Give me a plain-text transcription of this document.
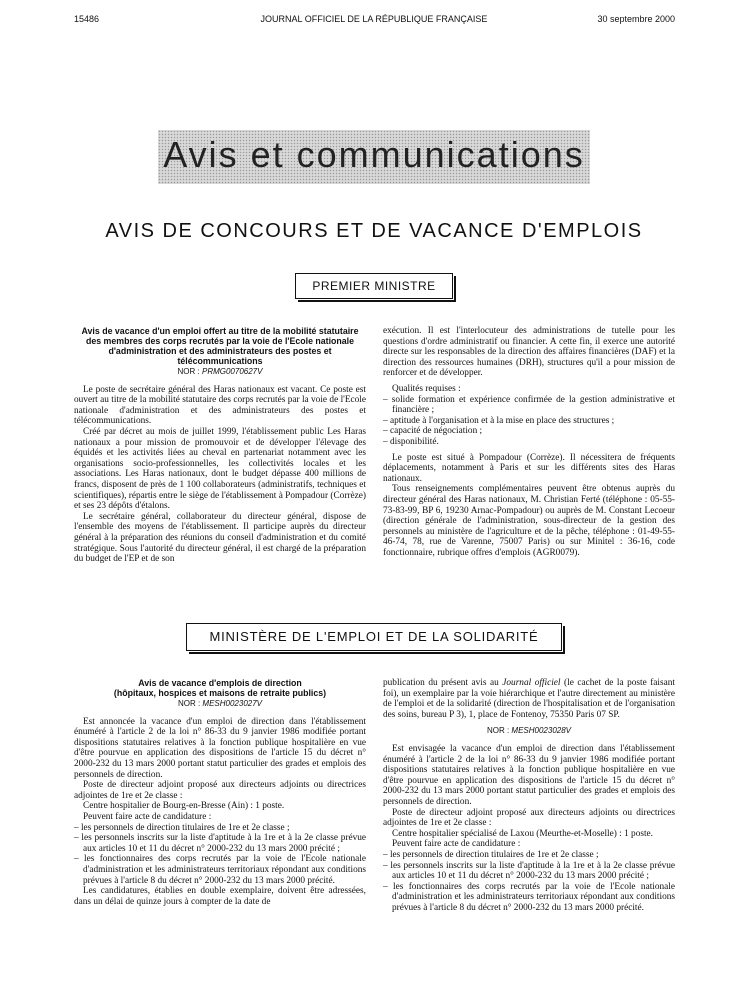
15486	JOURNAL OFFICIEL DE LA RÉPUBLIQUE FRANÇAISE	30 septembre 2000
Avis et communications
AVIS DE CONCOURS ET DE VACANCE D'EMPLOIS
PREMIER MINISTRE

Avis de vacance d'un emploi offert au titre de la mobilité statutaire des membres des corps recrutés par la voie de l'Ecole nationale d'administration et des administrateurs des postes et télécommunications

NOR : PRMG0070627V

Le poste de secrétaire général des Haras nationaux est vacant. Ce poste est ouvert au titre de la mobilité statutaire des corps recrutés par la voie de l'Ecole nationale d'administration et des administrateurs des postes et télécommunications.

Créé par décret au mois de juillet 1999, l'établissement public Les Haras nationaux a pour mission de promouvoir et de développer l'élevage des équidés et les activités liées au cheval en partenariat notamment avec les organisations socio-professionnelles, les collectivités locales et les associations. Les Haras nationaux, dont le budget dépasse 400 millions de francs, disposent de près de 1 100 collaborateurs (administratifs, techniques et scientifiques), répartis entre le siège de l'établissement à Pompadour (Corrèze) et ses 23 dépôts d'étalons.

Le secrétaire général, collaborateur du directeur général, dispose de l'ensemble des moyens de l'établissement. Il participe auprès du directeur général à la préparation des réunions du conseil d'administration et du comité stratégique. Sous l'autorité du directeur général, il est chargé de la préparation du budget de l'EP et de son

exécution. Il est l'interlocuteur des administrations de tutelle pour les questions d'ordre administratif ou financier. A cette fin, il exerce une autorité directe sur les responsables de la direction des affaires financières (DAF) et la direction des ressources humaines (DRH), structures qu'il a pour mission de renforcer et de développer.

Qualités requises :

– solide formation et expérience confirmée de la gestion administrative et financière ;

– aptitude à l'organisation et à la mise en place des structures ;

– capacité de négociation ;

– disponibilité.

Le poste est situé à Pompadour (Corrèze). Il nécessitera de fréquents déplacements, notamment à Paris et sur les différents sites des Haras nationaux.

Tous renseignements complémentaires peuvent être obtenus auprès du directeur général des Haras nationaux, M. Christian Ferté (téléphone : 05-55-73-83-99, BP 6, 19230 Arnac-Pompadour) ou auprès de M. Constant Lecoeur (direction générale de l'administration, sous-directeur de la gestion des personnels au ministère de l'agriculture et de la pêche, téléphone : 01-49-55-46-74, 78, rue de Varenne, 75007 Paris) ou sur Minitel : 36-16, code fonctionnaire, rubrique offres d'emplois (AGR0079).

MINISTÈRE DE L'EMPLOI ET DE LA SOLIDARITÉ

Avis de vacance d'emplois de direction

(hôpitaux, hospices et maisons de retraite publics)

NOR : MESH0023027V

Est annoncée la vacance d'un emploi de direction dans l'établissement énuméré à l'article 2 de la loi n° 86-33 du 9 janvier 1986 modifiée portant dispositions statutaires relatives à la fonction publique hospitalière en vue d'être pourvue en application des dispositions de l'article 15 du décret n° 2000-232 du 13 mars 2000 portant statut particulier des grades et emplois des personnels de direction.

Poste de directeur adjoint proposé aux directeurs adjoints ou directrices adjointes de 1re et 2e classe :

Centre hospitalier de Bourg-en-Bresse (Ain) : 1 poste.

Peuvent faire acte de candidature :

– les personnels de direction titulaires de 1re et 2e classe ;

– les personnels inscrits sur la liste d'aptitude à la 1re et à la 2e classe prévue aux articles 10 et 11 du décret n° 2000-232 du 13 mars 2000 précité ;

– les fonctionnaires des corps recrutés par la voie de l'Ecole nationale d'administration et les administrateurs territoriaux répondant aux conditions prévues à l'article 8 du décret n° 2000-232 du 13 mars 2000 précité.

Les candidatures, établies en double exemplaire, doivent être adressées, dans un délai de quinze jours à compter de la date de

publication du présent avis au Journal officiel (le cachet de la poste faisant foi), un exemplaire par la voie hiérarchique et l'autre directement au ministère de l'emploi et de la solidarité (direction de l'hospitalisation et de l'organisation des soins, bureau P 3), 1, place de Fontenoy, 75350 Paris 07 SP.

NOR : MESH0023028V

Est envisagée la vacance d'un emploi de direction dans l'établissement énuméré à l'article 2 de la loi n° 86-33 du 9 janvier 1986 modifiée portant dispositions statutaires relatives à la fonction publique hospitalière en vue d'être pourvue en application des dispositions de l'article 15 du décret n° 2000-232 du 13 mars 2000 portant statut particulier des grades et emplois des personnels de direction.

Poste de directeur adjoint proposé aux directeurs adjoints ou directrices adjointes de 1re et 2e classe :

Centre hospitalier spécialisé de Laxou (Meurthe-et-Moselle) : 1 poste.

Peuvent faire acte de candidature :

– les personnels de direction titulaires de 1re et 2e classe ;

– les personnels inscrits sur la liste d'aptitude à la 1re et à la 2e classe prévue aux articles 10 et 11 du décret n° 2000-232 du 13 mars 2000 précité ;

– les fonctionnaires des corps recrutés par la voie de l'Ecole nationale d'administration et les administrateurs territoriaux répondant aux conditions prévues à l'article 8 du décret n° 2000-232 du 13 mars 2000 précité.
